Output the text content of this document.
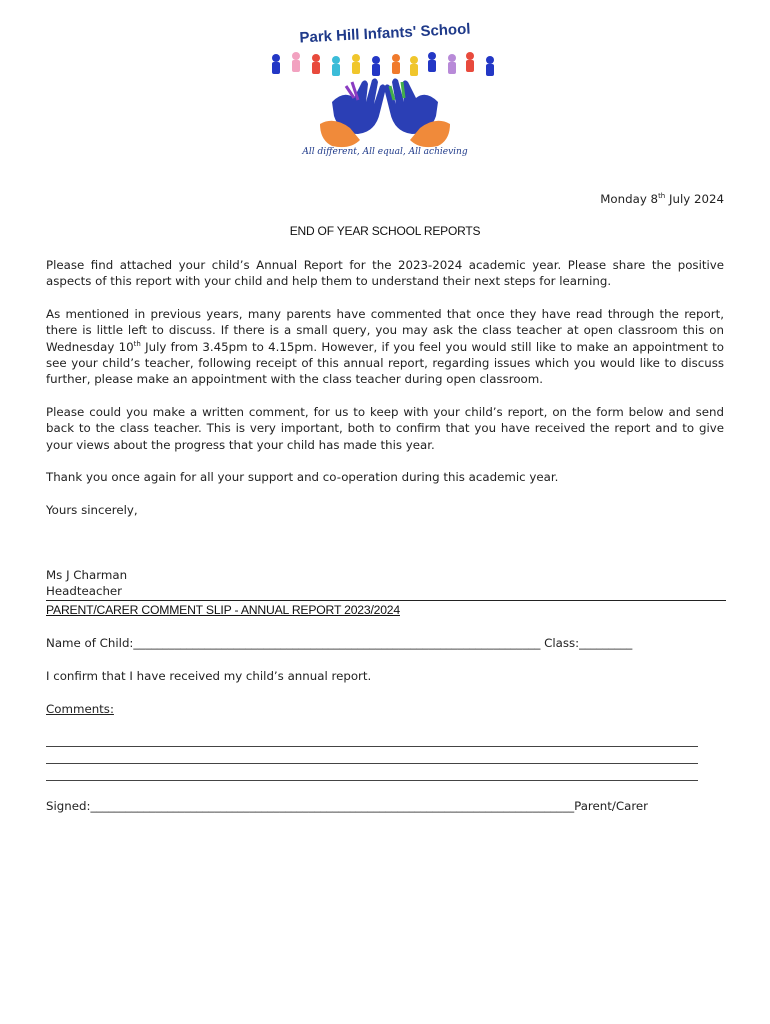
Park Hill Infants' School
All different, All equal, All achieving
Monday 8th July 2024
END OF YEAR SCHOOL REPORTS
Please find attached your child’s Annual Report for the 2023-2024 academic year. Please share the positive aspects of this report with your child and help them to understand their next steps for learning.
As mentioned in previous years, many parents have commented that once they have read through the report, there is little left to discuss. If there is a small query, you may ask the class teacher at open classroom this on Wednesday 10th July from 3.45pm to 4.15pm. However, if you feel you would still like to make an appointment to see your child’s teacher, following receipt of this annual report, regarding issues which you would like to discuss further, please make an appointment with the class teacher during open classroom.
Please could you make a written comment, for us to keep with your child’s report, on the form below and send back to the class teacher. This is very important, both to confirm that you have received the report and to give your views about the progress that your child has made this year.
Thank you once again for all your support and co-operation during this academic year.
Yours sincerely,
Ms J Charman
Headteacher
PARENT/CARER COMMENT SLIP - ANNUAL REPORT 2023/2024
Name of Child:_____________________________________________________________________ Class:_________
I confirm that I have received my child’s annual report.
Comments:
Signed:__________________________________________________________________________________Parent/Carer
